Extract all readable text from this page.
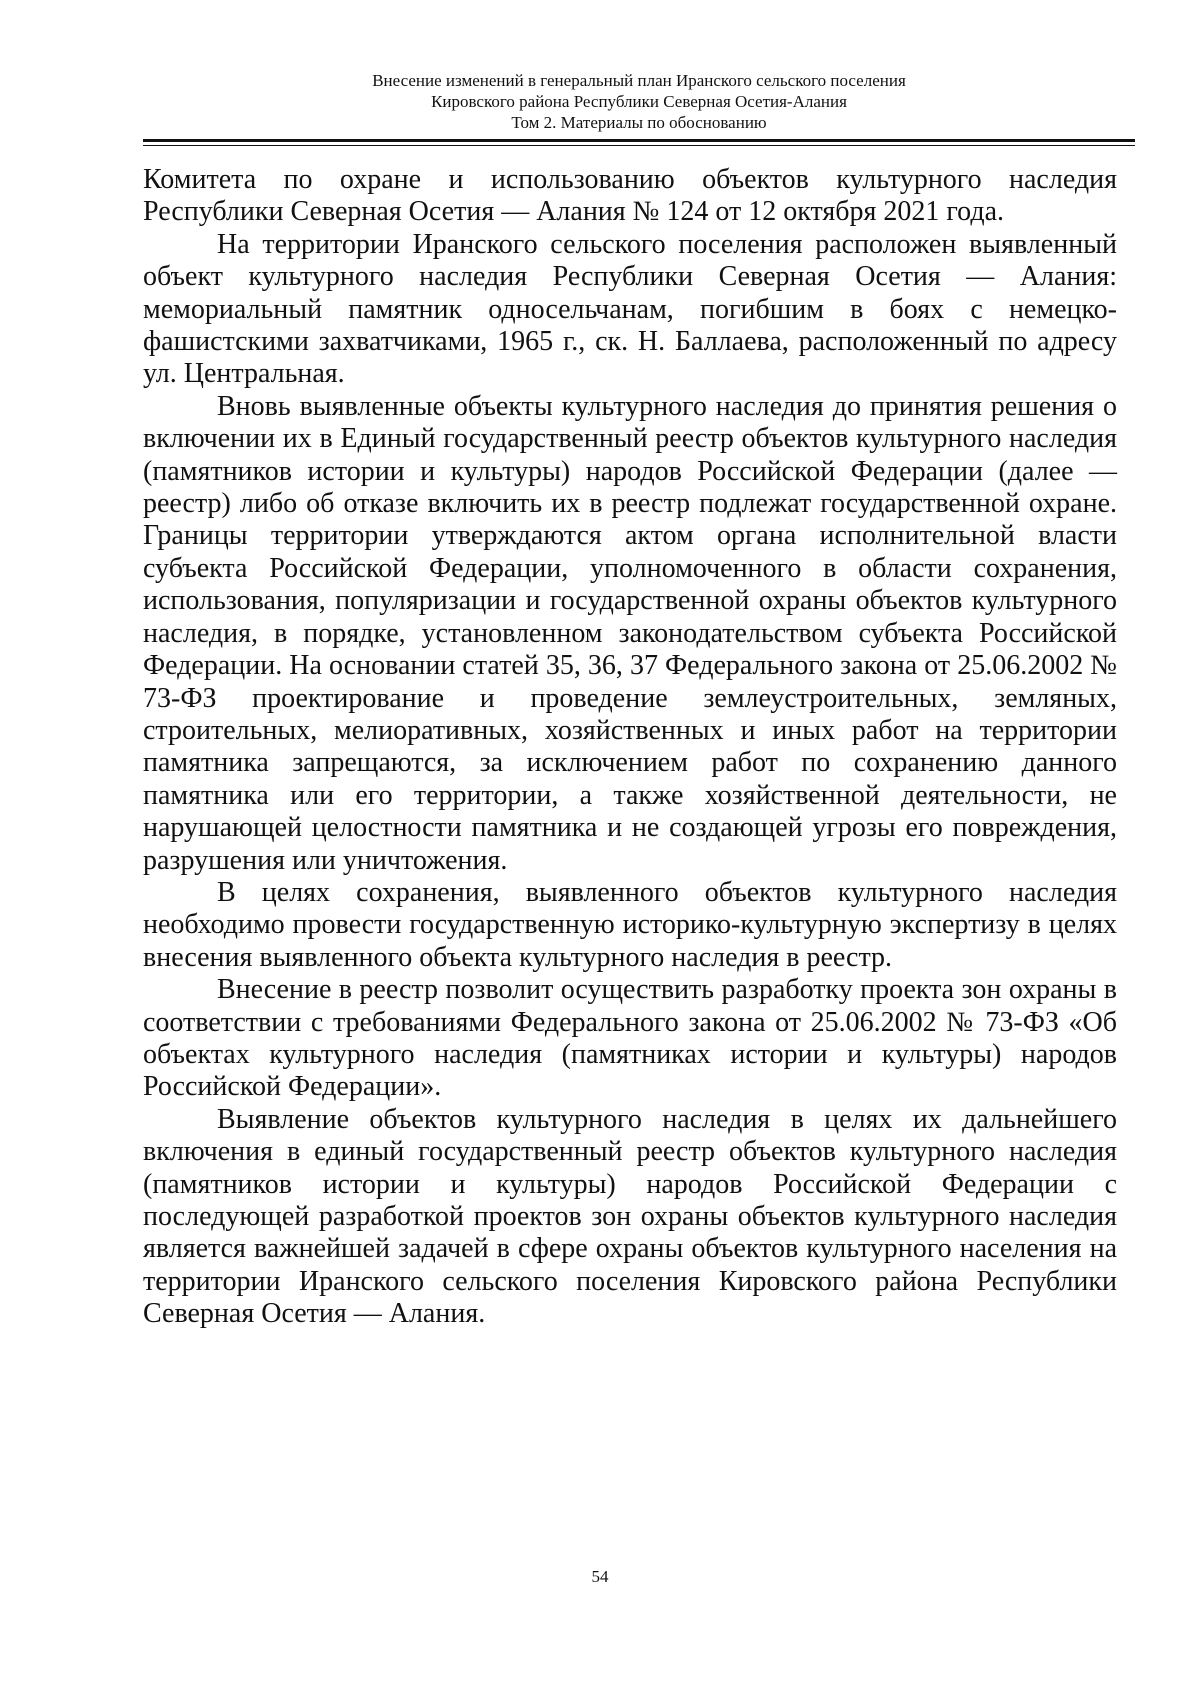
Внесение изменений в генеральный план Иранского сельского поселения
Кировского района Республики Северная Осетия-Алания
Том 2. Материалы по обоснованию

Комитета по охране и использованию объектов культурного наследия Республики Северная Осетия — Алания № 124 от 12 октября 2021 года.

На территории Иранского сельского поселения расположен выявленный объект культурного наследия Республики Северная Осетия — Алания: мемориальный памятник односельчанам, погибшим в боях с немецко-фашистскими захватчиками, 1965 г., ск. Н. Баллаева, расположенный по адресу ул. Центральная.

Вновь выявленные объекты культурного наследия до принятия решения о включении их в Единый государственный реестр объектов культурного наследия (памятников истории и культуры) народов Российской Федерации (далее — реестр) либо об отказе включить их в реестр подлежат государственной охране. Границы территории утверждаются актом органа исполнительной власти субъекта Российской Федерации, уполномоченного в области сохранения, использования, популяризации и государственной охраны объектов культурного наследия, в порядке, установленном законодательством субъекта Российской Федерации. На основании статей 35, 36, 37 Федерального закона от 25.06.2002 № 73-ФЗ проектирование и проведение землеустроительных, земляных, строительных, мелиоративных, хозяйственных и иных работ на территории памятника запрещаются, за исключением работ по сохранению данного памятника или его территории, а также хозяйственной деятельности, не нарушающей целостности памятника и не создающей угрозы его повреждения, разрушения или уничтожения.

В целях сохранения, выявленного объектов культурного наследия необходимо провести государственную историко-культурную экспертизу в целях внесения выявленного объекта культурного наследия в реестр.

Внесение в реестр позволит осуществить разработку проекта зон охраны в соответствии с требованиями Федерального закона от 25.06.2002 № 73-ФЗ «Об объектах культурного наследия (памятниках истории и культуры) народов Российской Федерации».

Выявление объектов культурного наследия в целях их дальнейшего включения в единый государственный реестр объектов культурного наследия (памятников истории и культуры) народов Российской Федерации с последующей разработкой проектов зон охраны объектов культурного наследия является важнейшей задачей в сфере охраны объектов культурного населения на территории Иранского сельского поселения Кировского района Республики Северная Осетия — Алания.

54
